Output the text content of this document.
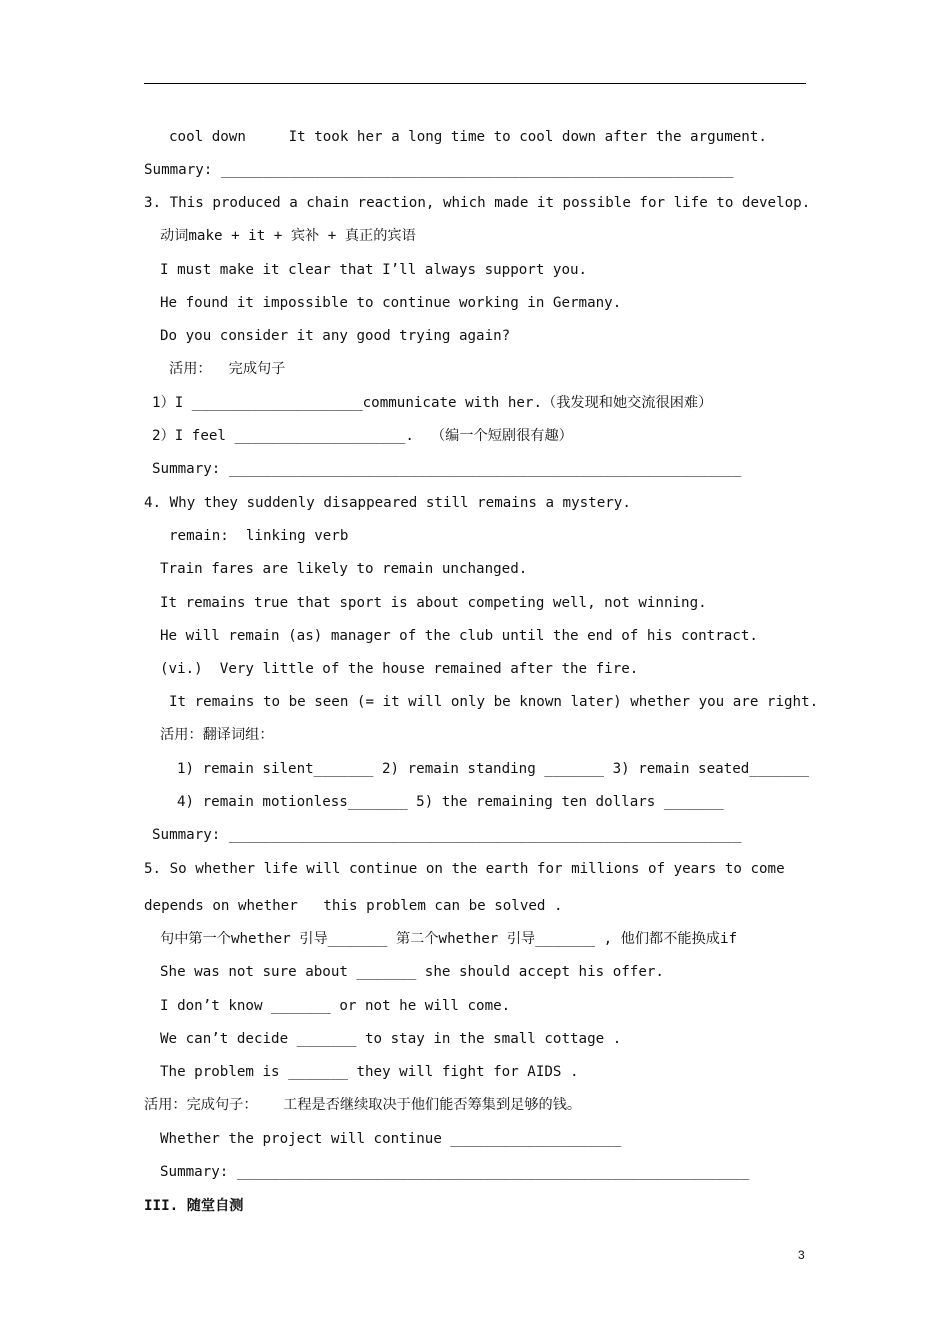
cool down     It took her a long time to cool down after the argument.
Summary: ____________________________________________________________
3. This produced a chain reaction, which made it possible for life to develop.
动词make + it + 宾补 + 真正的宾语
I must make it clear that I’ll always support you.
He found it impossible to continue working in Germany.
Do you consider it any good trying again?
活用：  完成句子
1）I ____________________communicate with her.（我发现和她交流很困难）
2）I feel ____________________.  （编一个短剧很有趣）
Summary: ____________________________________________________________
4. Why they suddenly disappeared still remains a mystery.
remain:  linking verb
Train fares are likely to remain unchanged.
It remains true that sport is about competing well, not winning.
He will remain (as) manager of the club until the end of his contract.
(vi.)  Very little of the house remained after the fire.
It remains to be seen (= it will only be known later) whether you are right.
活用：翻译词组：
1) remain silent_______ 2) remain standing _______ 3) remain seated_______
4) remain motionless_______ 5) the remaining ten dollars _______
Summary: ____________________________________________________________
5. So whether life will continue on the earth for millions of years to come
depends on whether   this problem can be solved .
句中第一个whether 引导_______ 第二个whether 引导_______ , 他们都不能换成if
She was not sure about _______ she should accept his offer.
I don’t know _______ or not he will come.
We can’t decide _______ to stay in the small cottage .
The problem is _______ they will fight for AIDS .
活用：完成句子：   工程是否继续取决于他们能否筹集到足够的钱。
Whether the project will continue ____________________
Summary: ____________________________________________________________
III. 随堂自测
3
